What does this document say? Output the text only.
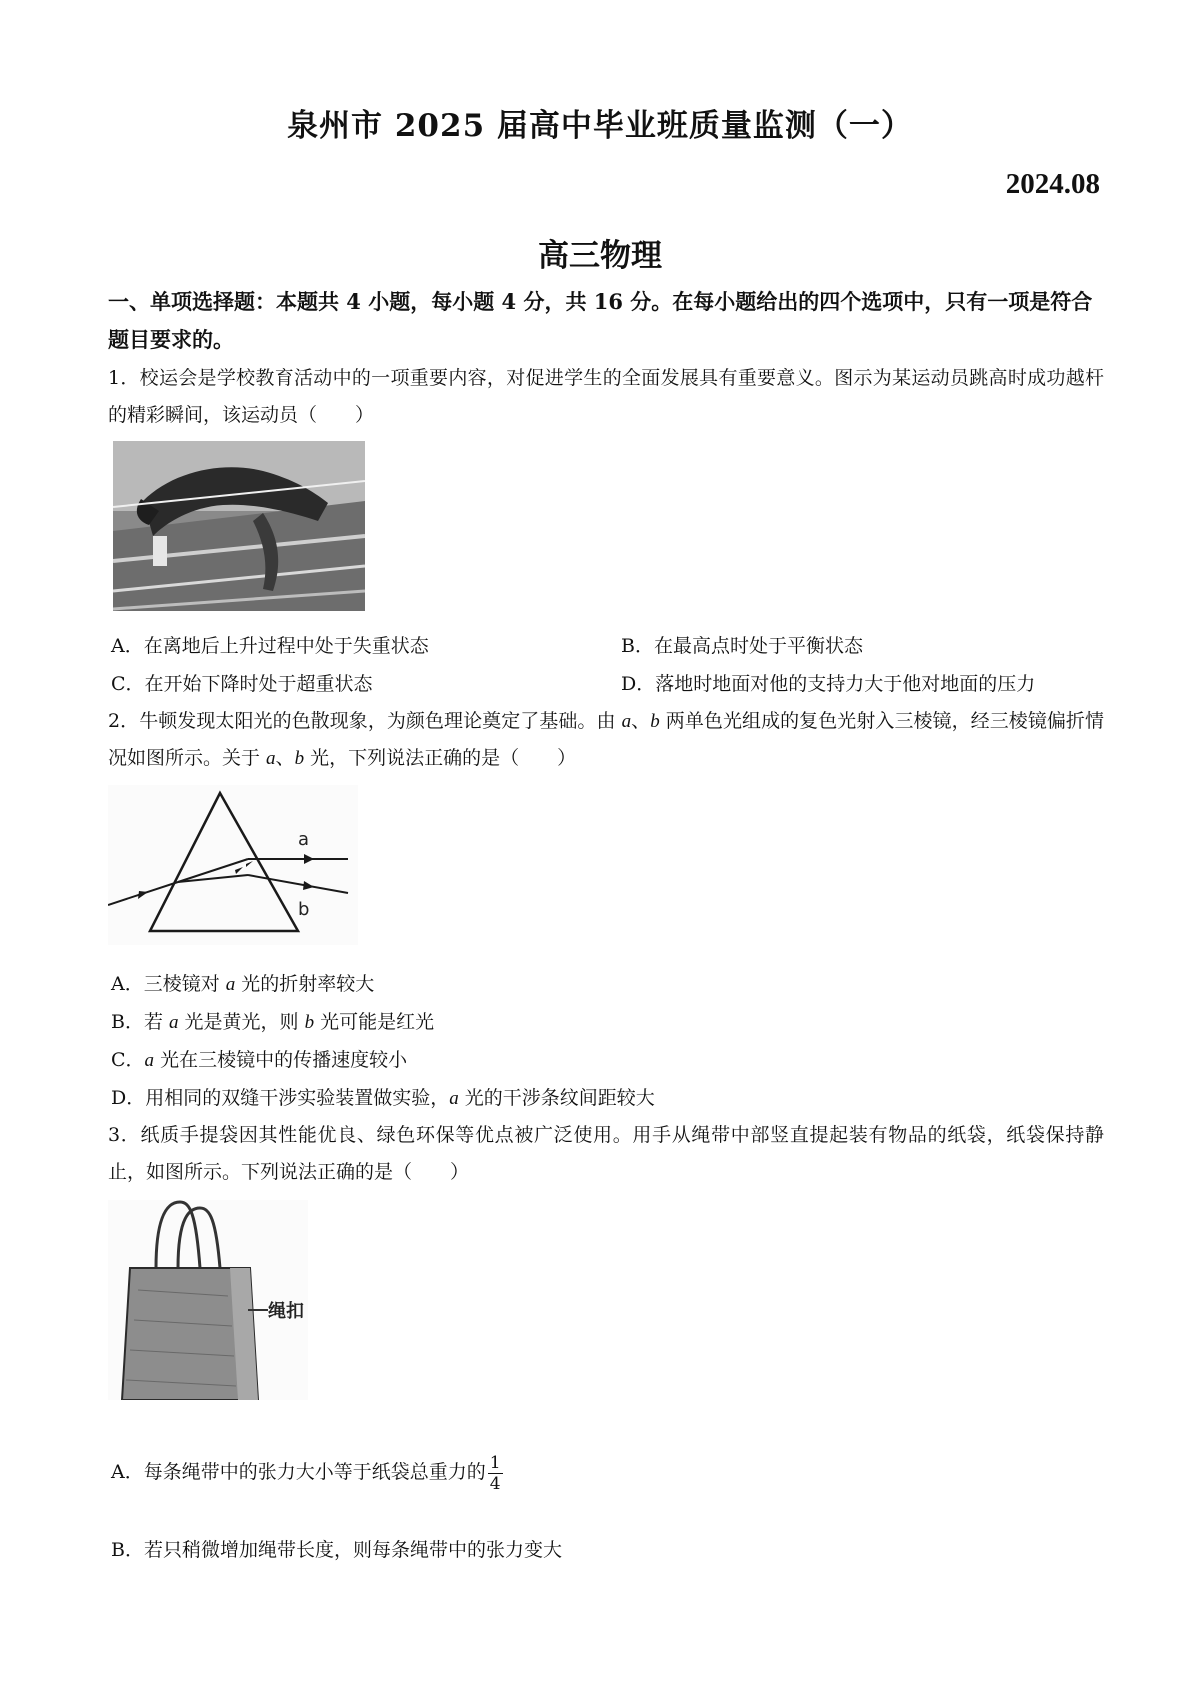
泉州市 2025 届高中毕业班质量监测（一）
2024.08
高三物理
一、单项选择题：本题共 4 小题，每小题 4 分，共 16 分。在每小题给出的四个选项中，只有一项是符合题目要求的。
1．校运会是学校教育活动中的一项重要内容，对促进学生的全面发展具有重要意义。图示为某运动员跳高时成功越杆的精彩瞬间，该运动员（　　）
A．在离地后上升过程中处于失重状态	B．在最高点时处于平衡状态
C．在开始下降时处于超重状态	D．落地时地面对他的支持力大于他对地面的压力
2．牛顿发现太阳光的色散现象，为颜色理论奠定了基础。由 a、b 两单色光组成的复色光射入三棱镜，经三棱镜偏折情况如图所示。关于 a、b 光，下列说法正确的是（　　）
a
b
A．三棱镜对 a 光的折射率较大
B．若 a 光是黄光，则 b 光可能是红光
C．a 光在三棱镜中的传播速度较小
D．用相同的双缝干涉实验装置做实验，a 光的干涉条纹间距较大
3．纸质手提袋因其性能优良、绿色环保等优点被广泛使用。用手从绳带中部竖直提起装有物品的纸袋，纸袋保持静止，如图所示。下列说法正确的是（　　）
绳扣
A．每条绳带中的张力大小等于纸袋总重力的 $\frac{1}{4}$
B．若只稍微增加绳带长度，则每条绳带中的张力变大
